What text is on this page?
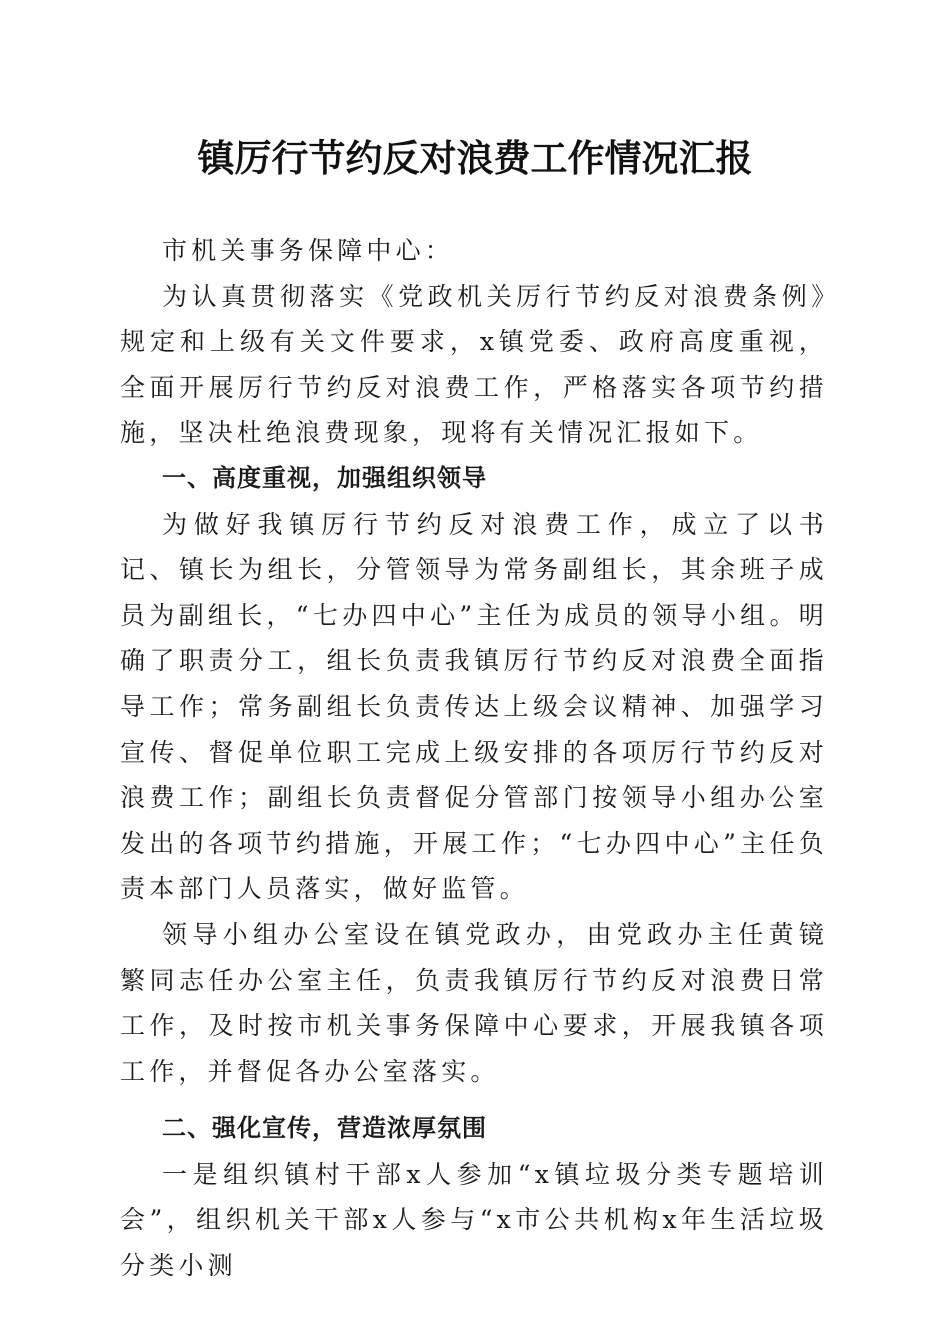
镇厉行节约反对浪费工作情况汇报

市机关事务保障中心：

为认真贯彻落实《党政机关厉行节约反对浪费条例》规定和上级有关文件要求，x镇党委、政府高度重视，全面开展厉行节约反对浪费工作，严格落实各项节约措施，坚决杜绝浪费现象，现将有关情况汇报如下。

一、高度重视，加强组织领导

为做好我镇厉行节约反对浪费工作，成立了以书记、镇长为组长，分管领导为常务副组长，其余班子成员为副组长，“七办四中心”主任为成员的领导小组。明确了职责分工，组长负责我镇厉行节约反对浪费全面指导工作；常务副组长负责传达上级会议精神、加强学习宣传、督促单位职工完成上级安排的各项厉行节约反对浪费工作；副组长负责督促分管部门按领导小组办公室发出的各项节约措施，开展工作；“七办四中心”主任负责本部门人员落实，做好监管。

领导小组办公室设在镇党政办，由党政办主任黄镜繁同志任办公室主任，负责我镇厉行节约反对浪费日常工作，及时按市机关事务保障中心要求，开展我镇各项工作，并督促各办公室落实。

二、强化宣传，营造浓厚氛围

一是组织镇村干部x人参加“x镇垃圾分类专题培训会”，组织机关干部x人参与“x市公共机构x年生活垃圾分类小测
